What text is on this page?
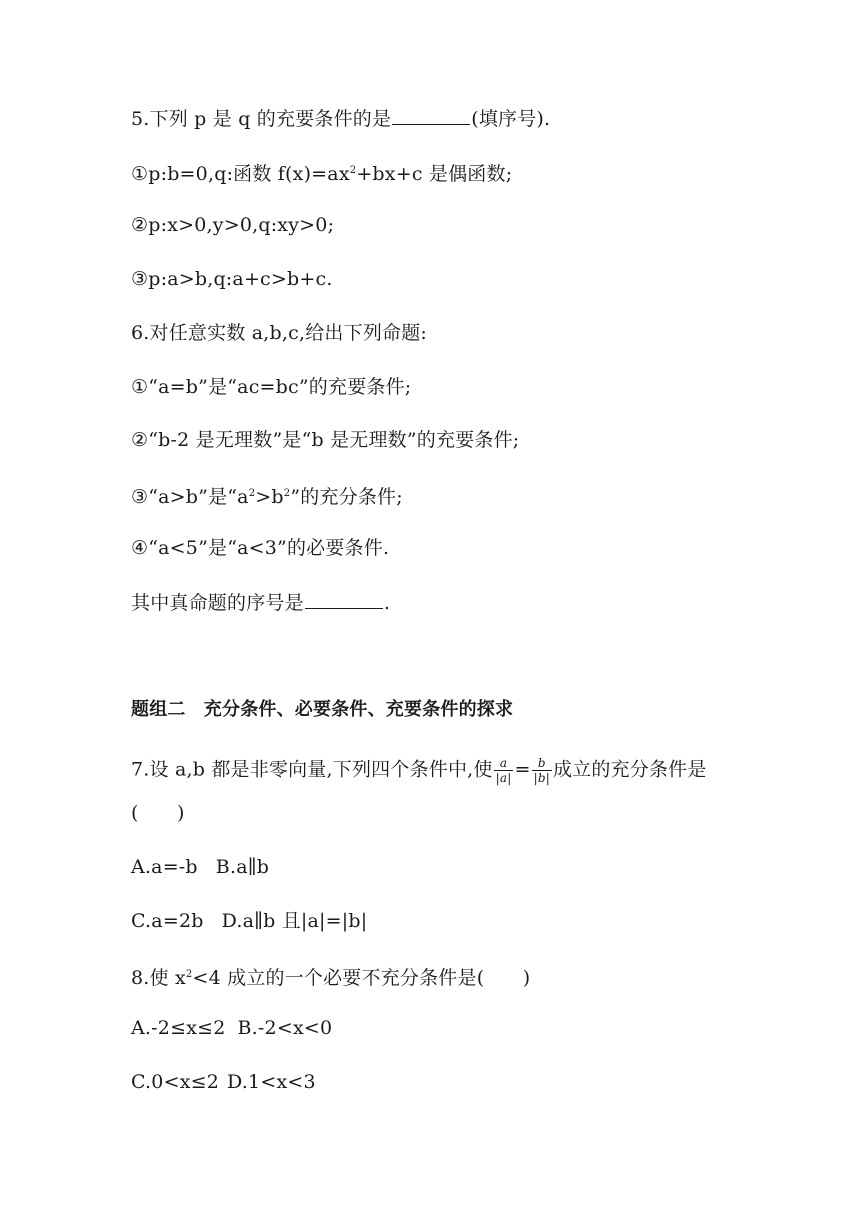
5.下列 p 是 q 的充要条件的是	(填序号).
①p:b=0,q:函数 $f(x)=ax^2+bx+c$ 是偶函数;
②p:x>0,y>0,q:xy>0;
③p:a>b,q:a+c>b+c.
6.对任意实数 a,b,c,给出下列命题:
①“a=b”是“ac=bc”的充要条件;
②“b-2 是无理数”是“b 是无理数”的充要条件;
③“a>b”是“$a^2>b^2$”的充分条件;
④“a<5”是“a<3”的必要条件.
其中真命题的序号是	.
题组二　充分条件、必要条件、充要条件的探求
7.设 a,b 都是非零向量,下列四个条件中,使 $\frac{a}{|a|} = \frac{b}{|b|}$ 成立的充分条件是
(　　)
A.a=-b B.a∥b
C.a=2b D.a∥b 且|a|=|b|
8.使 $x^2<4$ 成立的一个必要不充分条件是(　　)
A.-2≤x≤2 B.-2<x<0
C.0<x≤2 D.1<x<3
